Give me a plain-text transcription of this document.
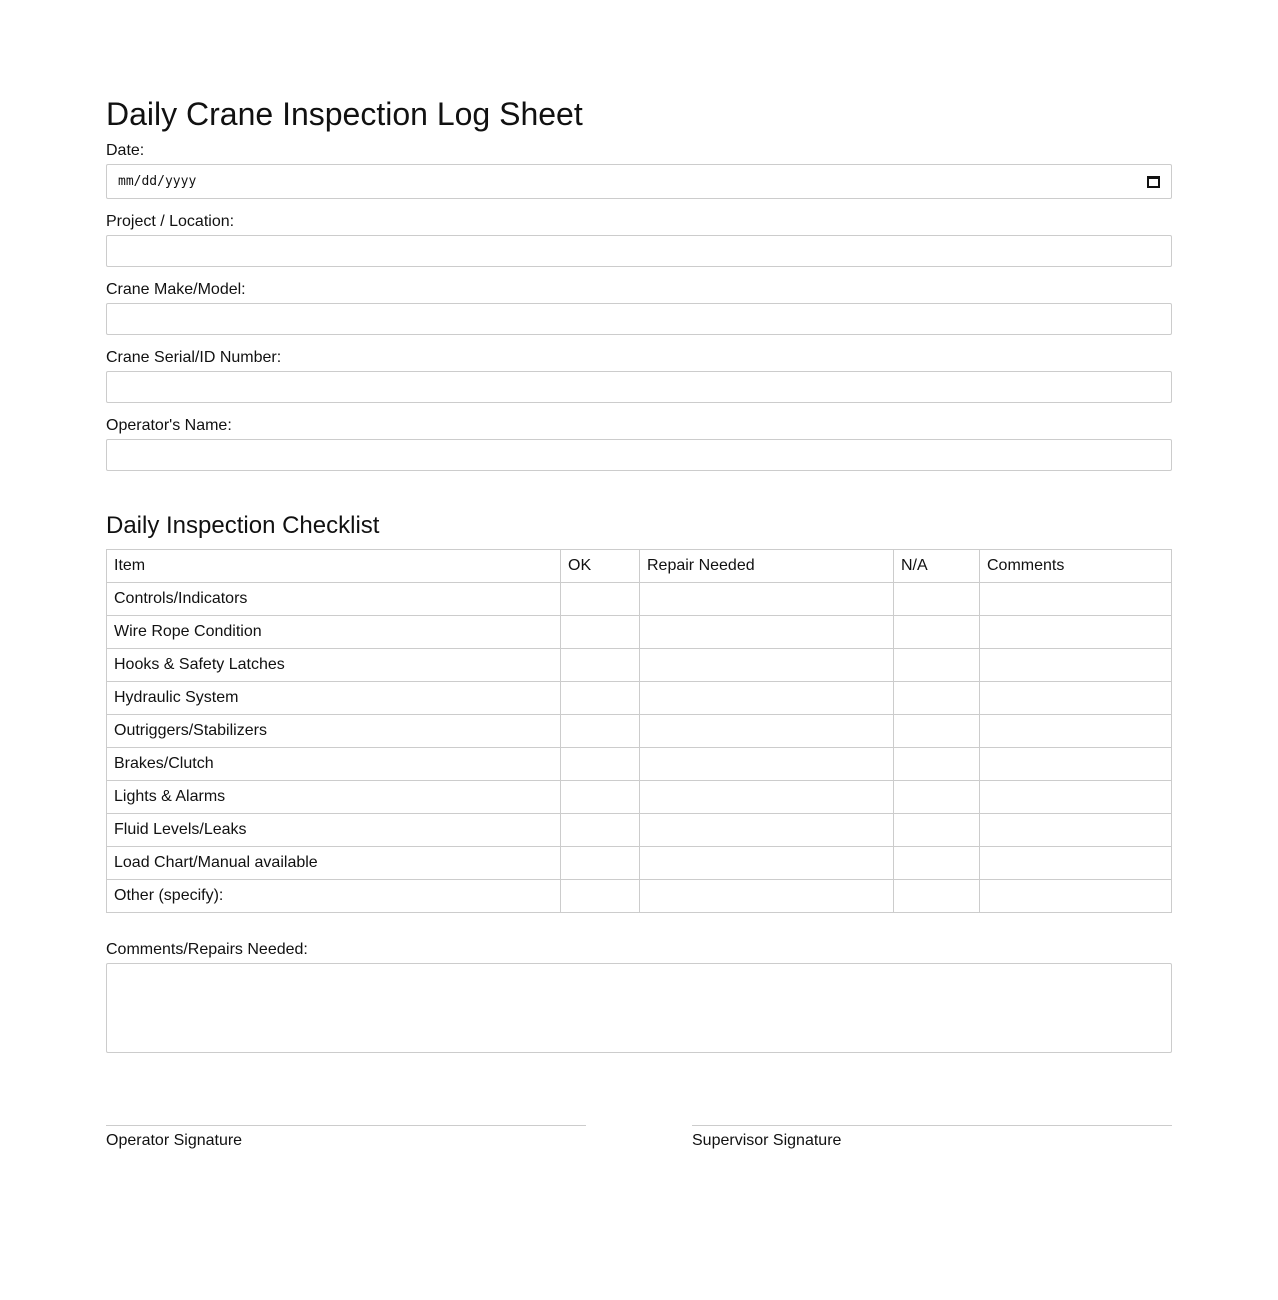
Daily Crane Inspection Log Sheet
Date:
mm/dd/yyyy
Project / Location:
Crane Make/Model:
Crane Serial/ID Number:
Operator's Name:
Daily Inspection Checklist
Item	OK	Repair Needed	N/A	Comments
Controls/Indicators				
Wire Rope Condition				
Hooks & Safety Latches				
Hydraulic System				
Outriggers/Stabilizers				
Brakes/Clutch				
Lights & Alarms				
Fluid Levels/Leaks				
Load Chart/Manual available				
Other (specify):				
Comments/Repairs Needed:
Operator Signature	Supervisor Signature
